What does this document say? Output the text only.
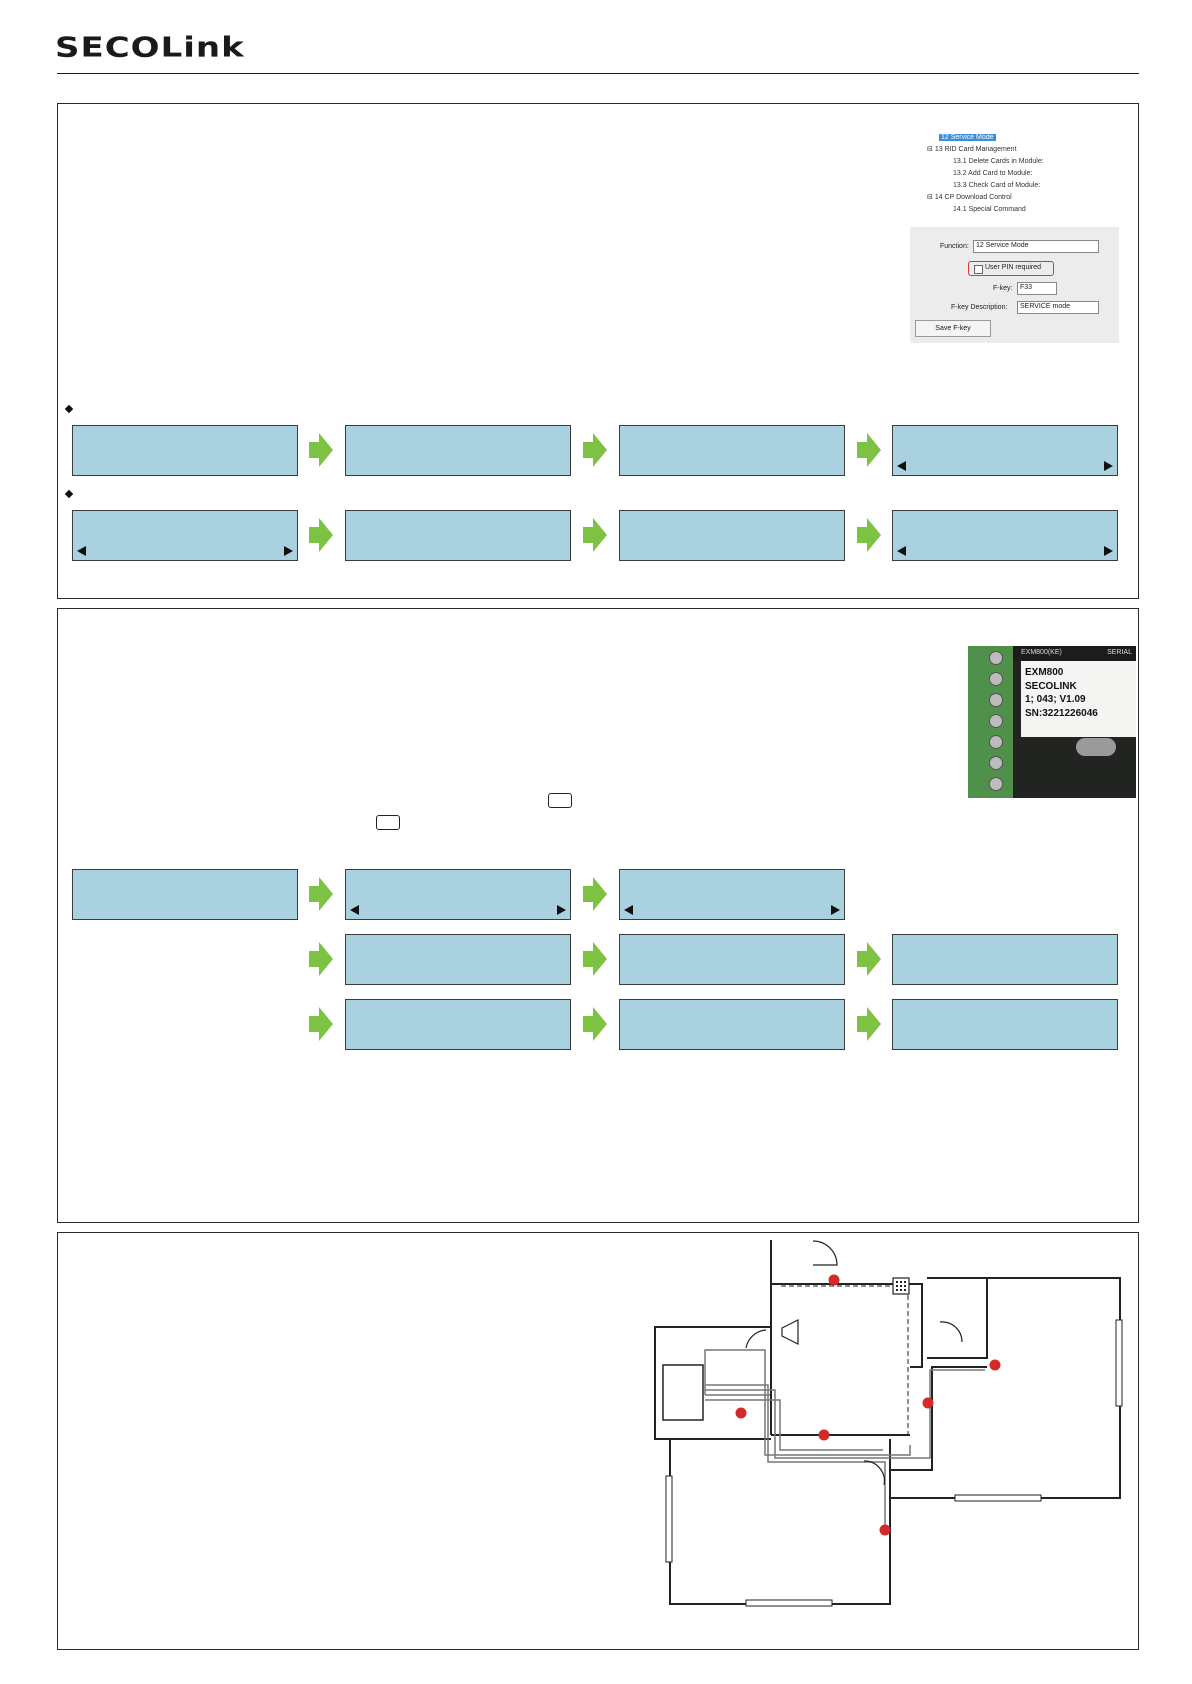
SECOLink
12 Service Mode
⊟ 13 RID Card Management
13.1 Delete Cards in Module:
13.2 Add Card to Module:
13.3 Check Card of Module:
⊟ 14 CP Download Control
14.1 Special Command
Function:	12 Service Mode
User PIN required
F-key:	F33
F-key Description:	SERVICE mode
Save F-key
EXM800(KE)	SERIAL
EXM800
SECOLINK
1; 043; V1.09
SN:3221226046
